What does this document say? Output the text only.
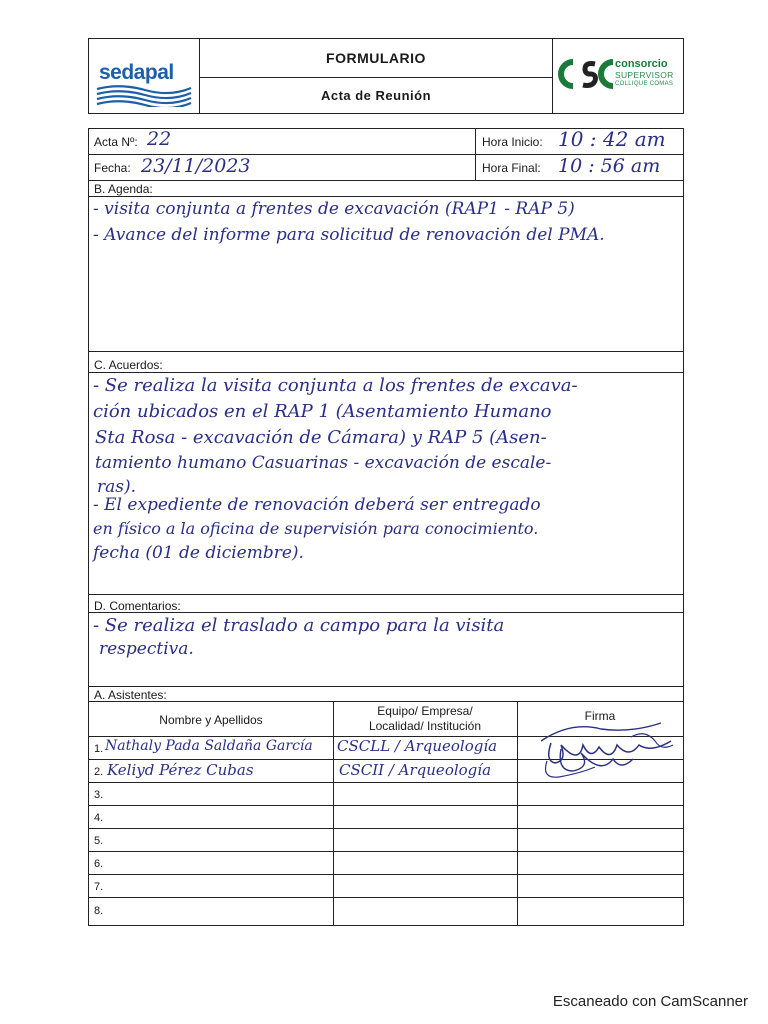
sedapal
FORMULARIO
Acta de Reunión
consorcio
SUPERVISOR
COLLIQUE COMAS
Acta Nº: 22
Fecha: 23/11/2023
Hora Inicio: 10 : 42 am
Hora Final: 10 : 56 am
B. Agenda:
- visita conjunta a frentes de excavación (RAP1 - RAP 5)
- Avance del informe para solicitud de renovación del PMA.
C. Acuerdos:
- Se realiza la visita conjunta a los frentes de excava-
ción ubicados en el RAP 1 (Asentamiento Humano
Sta Rosa - excavación de Cámara) y RAP 5 (Asen-
tamiento humano Casuarinas - excavación de escale-
ras).
- El expediente de renovación deberá ser entregado
en físico a la oficina de supervisión para conocimiento.
fecha (01 de diciembre).
D. Comentarios:
- Se realiza el traslado a campo para la visita
respectiva.
A. Asistentes:
Nombre y Apellidos
Equipo/ Empresa/
Localidad/ Institución
Firma
1. Nathaly Pada Saldaña García CSCLL / Arqueología
2. Keliyd Pérez Cubas	CSCII / Arqueología
3.
4.
5.
6.
7.
8.
Escaneado con CamScanner
